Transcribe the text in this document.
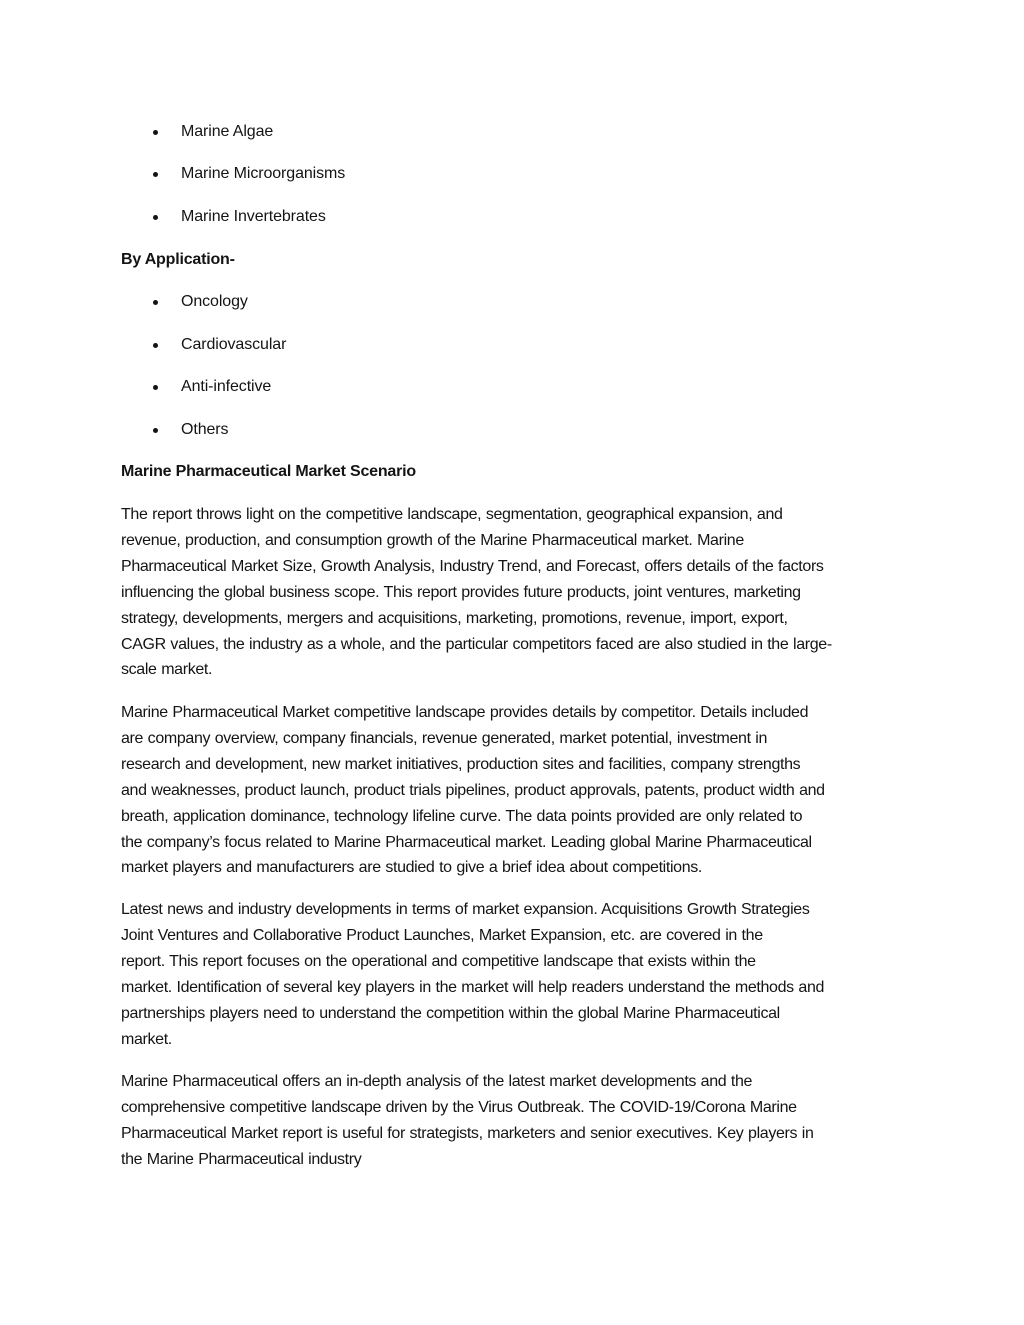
Marine Algae
Marine Microorganisms
Marine Invertebrates
By Application-
Oncology
Cardiovascular
Anti-infective
Others
Marine Pharmaceutical Market Scenario
The report throws light on the competitive landscape, segmentation, geographical expansion, and
revenue, production, and consumption growth of the Marine Pharmaceutical market. Marine
Pharmaceutical Market Size, Growth Analysis, Industry Trend, and Forecast, offers details of the factors
influencing the global business scope. This report provides future products, joint ventures, marketing
strategy, developments, mergers and acquisitions, marketing, promotions, revenue, import, export,
CAGR values, the industry as a whole, and the particular competitors faced are also studied in the large-
scale market.
Marine Pharmaceutical Market competitive landscape provides details by competitor. Details included
are company overview, company financials, revenue generated, market potential, investment in
research and development, new market initiatives, production sites and facilities, company strengths
and weaknesses, product launch, product trials pipelines, product approvals, patents, product width and
breath, application dominance, technology lifeline curve. The data points provided are only related to
the company’s focus related to Marine Pharmaceutical market. Leading global Marine Pharmaceutical
market players and manufacturers are studied to give a brief idea about competitions.
Latest news and industry developments in terms of market expansion. Acquisitions Growth Strategies
Joint Ventures and Collaborative Product Launches, Market Expansion, etc. are covered in the
report. This report focuses on the operational and competitive landscape that exists within the
market. Identification of several key players in the market will help readers understand the methods and
partnerships players need to understand the competition within the global Marine Pharmaceutical
market.
Marine Pharmaceutical offers an in-depth analysis of the latest market developments and the
comprehensive competitive landscape driven by the Virus Outbreak. The COVID-19/Corona Marine
Pharmaceutical Market report is useful for strategists, marketers and senior executives. Key players in
the Marine Pharmaceutical industry
